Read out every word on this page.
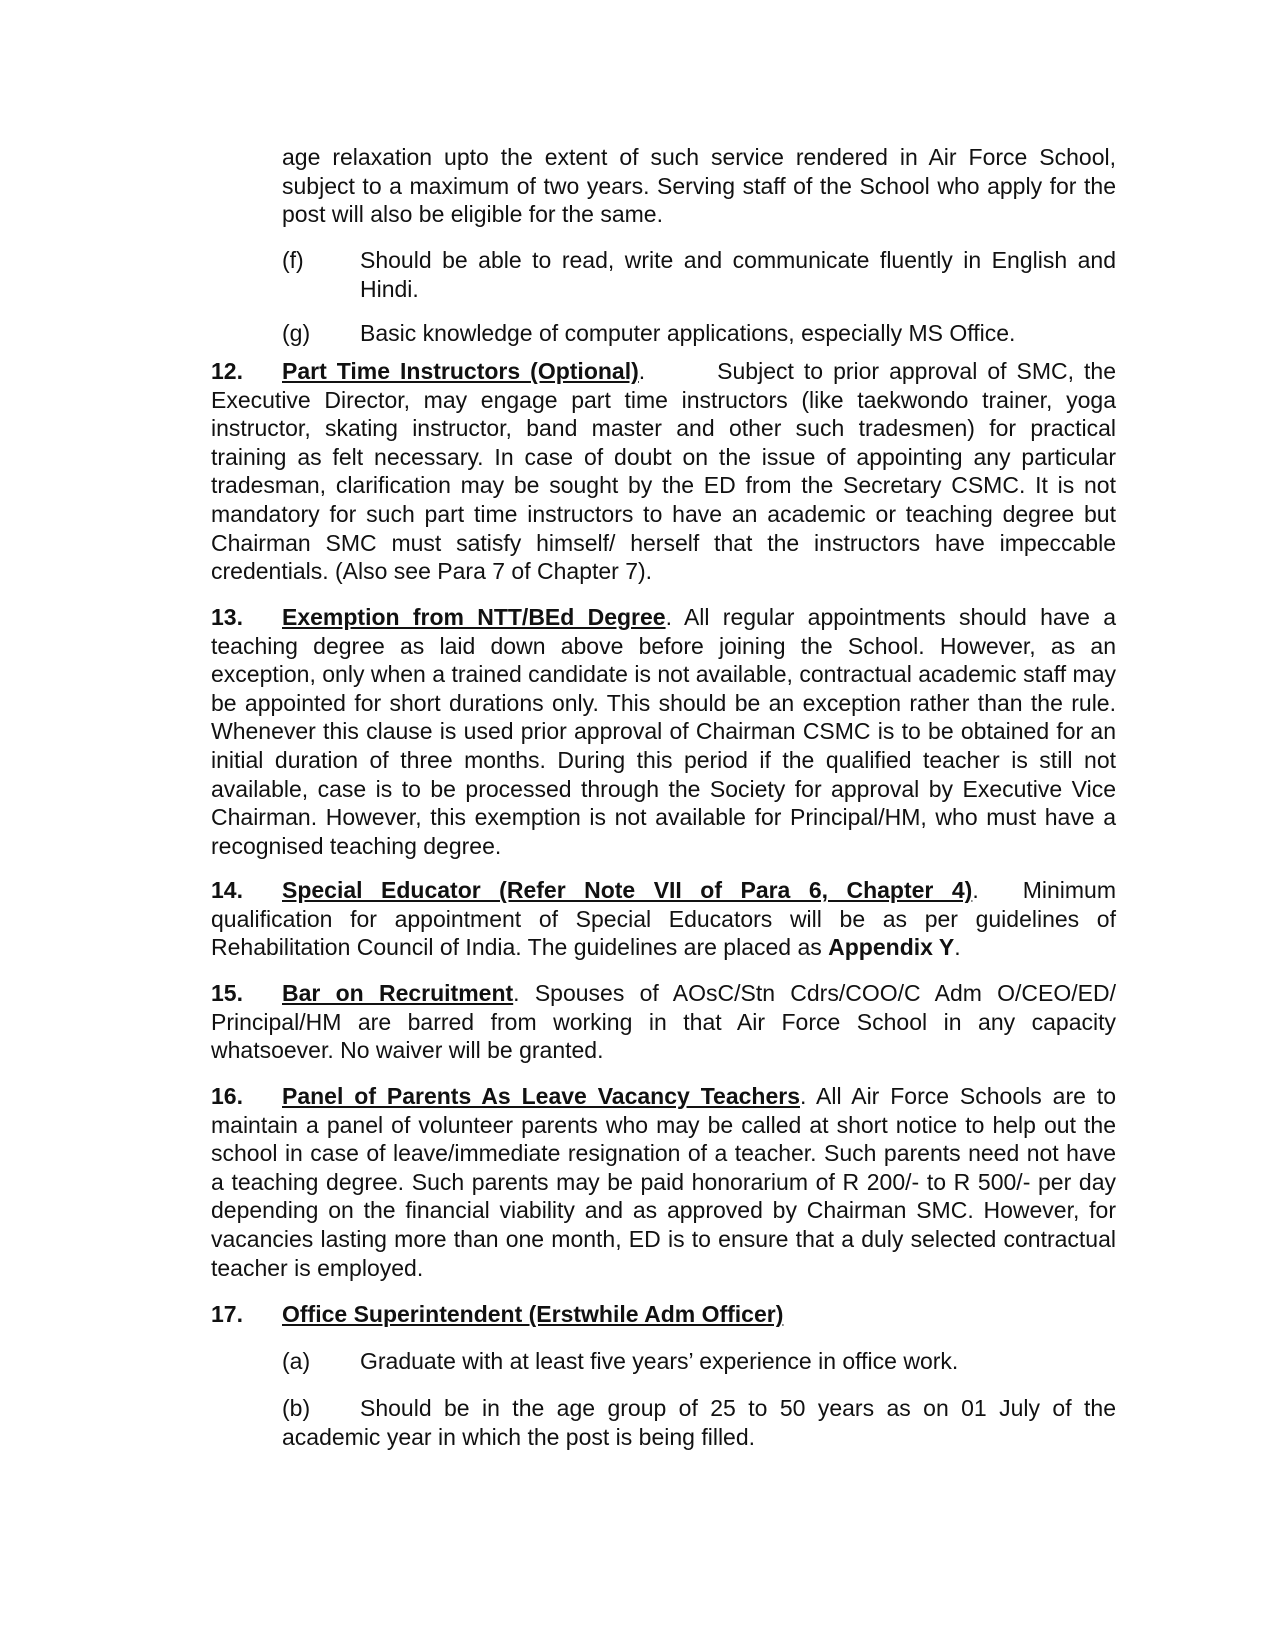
age relaxation upto the extent of such service rendered in Air Force School, subject to a maximum of two years. Serving staff of the School who apply for the post will also be eligible for the same.
(f) Should be able to read, write and communicate fluently in English and Hindi.
(g) Basic knowledge of computer applications, especially MS Office.
12. Part Time Instructors (Optional).	Subject to prior approval of SMC, the Executive Director, may engage part time instructors (like taekwondo trainer, yoga instructor, skating instructor, band master and other such tradesmen) for practical training as felt necessary. In case of doubt on the issue of appointing any particular tradesman, clarification may be sought by the ED from the Secretary CSMC. It is not mandatory for such part time instructors to have an academic or teaching degree but Chairman SMC must satisfy himself/ herself that the instructors have impeccable credentials. (Also see Para 7 of Chapter 7).
13. Exemption from NTT/BEd Degree. All regular appointments should have a teaching degree as laid down above before joining the School. However, as an exception, only when a trained candidate is not available, contractual academic staff may be appointed for short durations only. This should be an exception rather than the rule. Whenever this clause is used prior approval of Chairman CSMC is to be obtained for an initial duration of three months. During this period if the qualified teacher is still not available, case is to be processed through the Society for approval by Executive Vice Chairman. However, this exemption is not available for Principal/HM, who must have a recognised teaching degree.
14. Special Educator (Refer Note VII of Para 6, Chapter 4). Minimum qualification for appointment of Special Educators will be as per guidelines of Rehabilitation Council of India. The guidelines are placed as Appendix Y.
15. Bar on Recruitment. Spouses of AOsC/Stn Cdrs/COO/C Adm O/CEO/ED/ Principal/HM are barred from working in that Air Force School in any capacity whatsoever. No waiver will be granted.
16. Panel of Parents As Leave Vacancy Teachers. All Air Force Schools are to maintain a panel of volunteer parents who may be called at short notice to help out the school in case of leave/immediate resignation of a teacher. Such parents need not have a teaching degree. Such parents may be paid honorarium of R 200/- to R 500/- per day depending on the financial viability and as approved by Chairman SMC. However, for vacancies lasting more than one month, ED is to ensure that a duly selected contractual teacher is employed.
17. Office Superintendent (Erstwhile Adm Officer)
(a) Graduate with at least five years’ experience in office work.
(b)	Should be in the age group of 25 to 50 years as on 01 July of the academic year in which the post is being filled.
